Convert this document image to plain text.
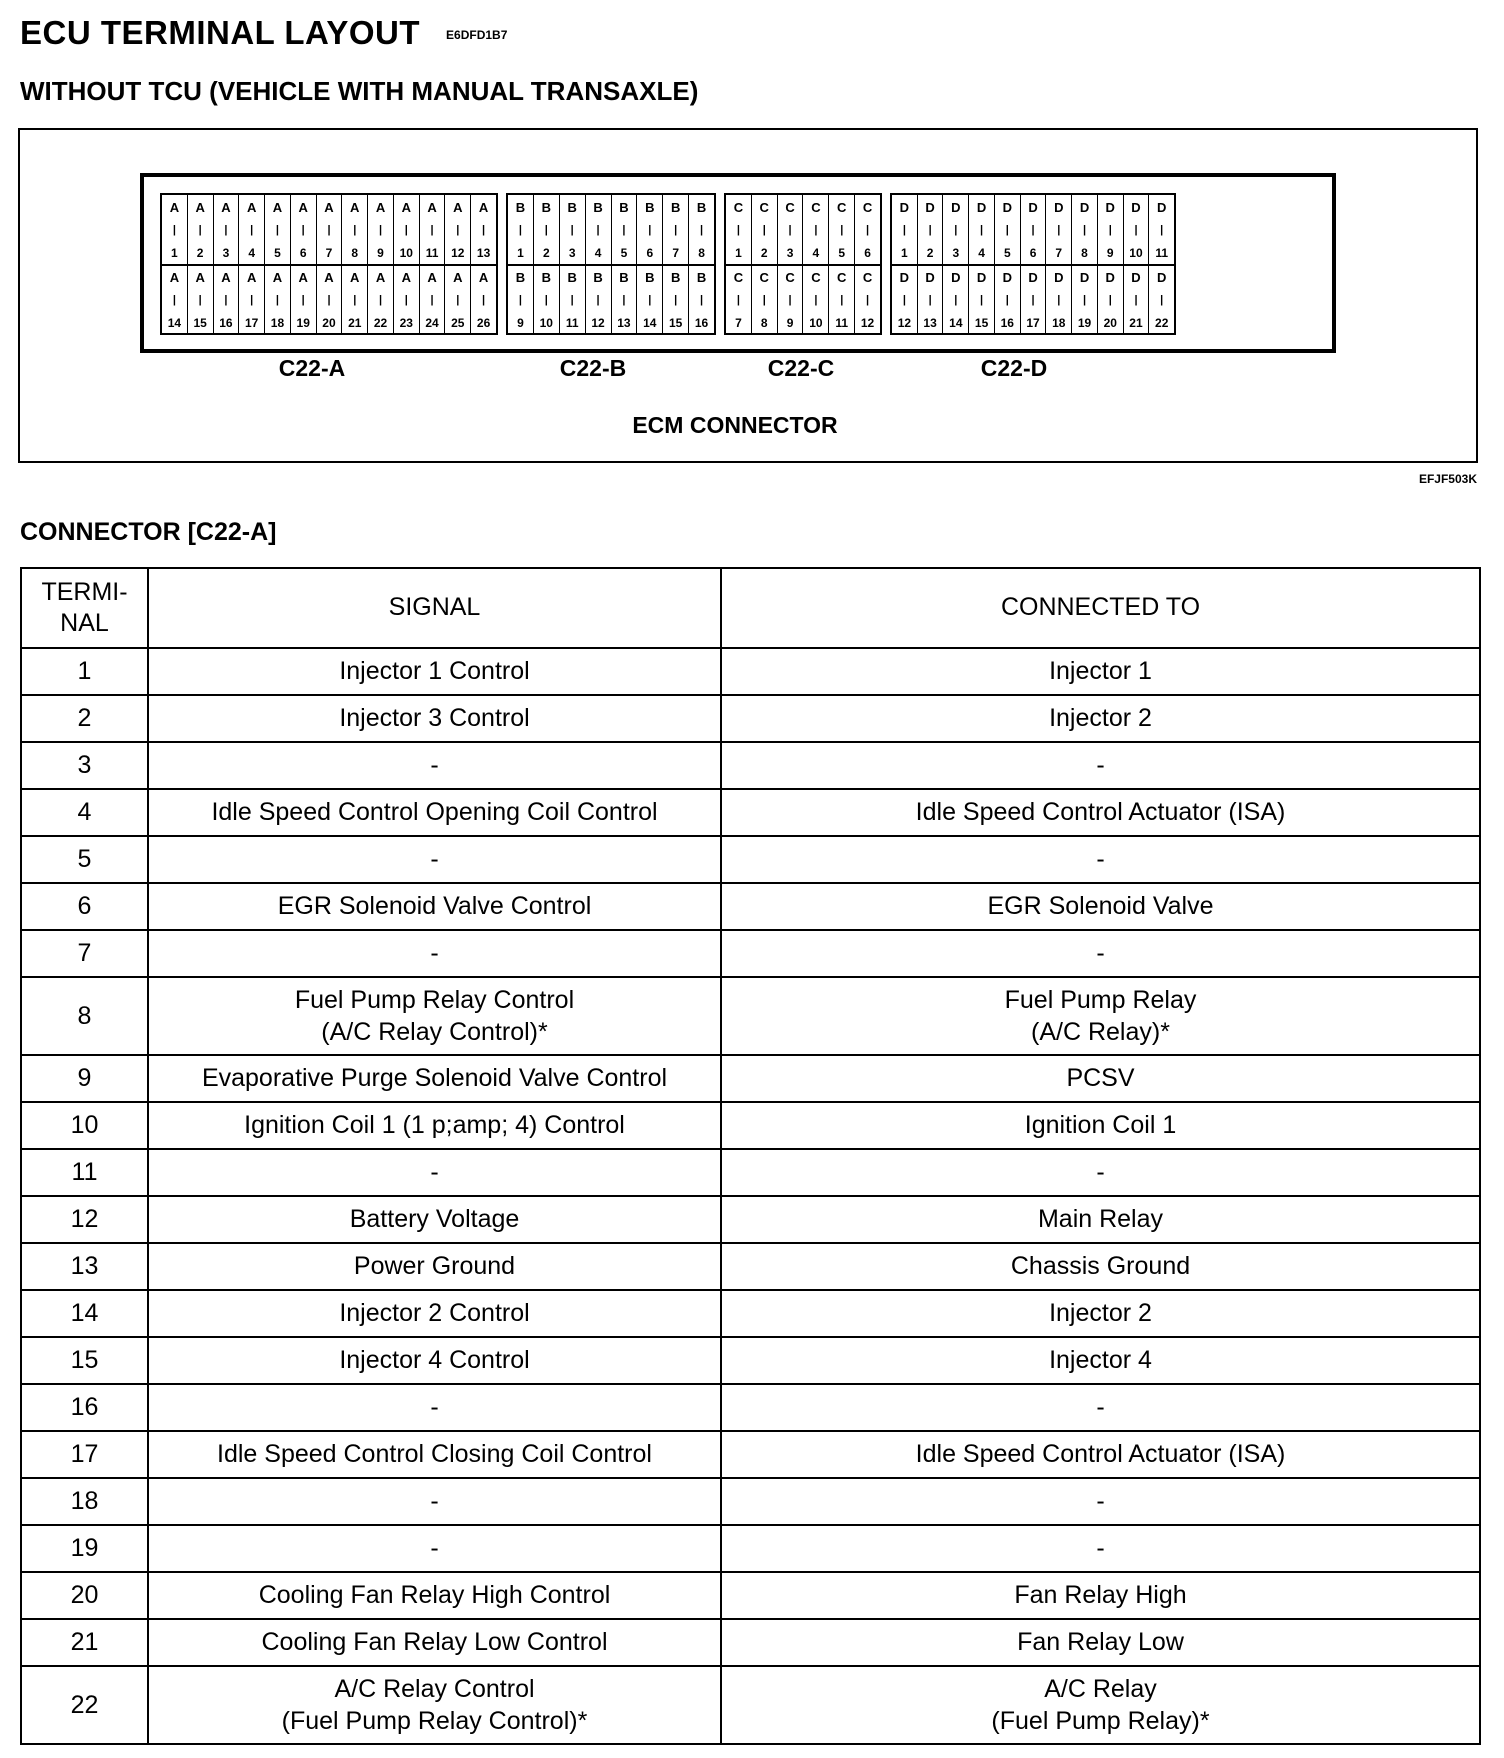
ECU TERMINAL LAYOUT E6DFD1B7
WITHOUT TCU (VEHICLE WITH MANUAL TRANSAXLE)
A
|
1
A
|
2
A
|
3
A
|
4
A
|
5
A
|
6
A
|
7
A
|
8
A
|
9
A
|
10
A
|
11
A
|
12
A
|
13
A
|
14
A
|
15
A
|
16
A
|
17
A
|
18
A
|
19
A
|
20
A
|
21
A
|
22
A
|
23
A
|
24
A
|
25
A
|
26
B
|
1
B
|
2
B
|
3
B
|
4
B
|
5
B
|
6
B
|
7
B
|
8
B
|
9
B
|
10
B
|
11
B
|
12
B
|
13
B
|
14
B
|
15
B
|
16
C
|
1
C
|
2
C
|
3
C
|
4
C
|
5
C
|
6
C
|
7
C
|
8
C
|
9
C
|
10
C
|
11
C
|
12
D
|
1
D
|
2
D
|
3
D
|
4
D
|
5
D
|
6
D
|
7
D
|
8
D
|
9
D
|
10
D
|
11
D
|
12
D
|
13
D
|
14
D
|
15
D
|
16
D
|
17
D
|
18
D
|
19
D
|
20
D
|
21
D
|
22
C22-A	C22-B	C22-C	C22-D
ECM CONNECTOR
EFJF503K
CONNECTOR [C22-A]
TERMI-
NAL	SIGNAL	CONNECTED TO
1	Injector 1 Control	Injector 1

2	Injector 3 Control	Injector 2

3	-	-

4	Idle Speed Control Opening Coil Control	Idle Speed Control Actuator (ISA)

5	-	-

6	EGR Solenoid Valve Control	EGR Solenoid Valve

7	-	-

8	Fuel Pump Relay Control
(A/C Relay Control)*	Fuel Pump Relay
(A/C Relay)*

9	Evaporative Purge Solenoid Valve Control	PCSV

10	Ignition Coil 1 (1 p;amp; 4) Control	Ignition Coil 1

11	-	-

12	Battery Voltage	Main Relay

13	Power Ground	Chassis Ground

14	Injector 2 Control	Injector 2

15	Injector 4 Control	Injector 4

16	-	-

17	Idle Speed Control Closing Coil Control	Idle Speed Control Actuator (ISA)

18	-	-

19	-	-

20	Cooling Fan Relay High Control	Fan Relay High

21	Cooling Fan Relay Low Control	Fan Relay Low

22	A/C Relay Control
(Fuel Pump Relay Control)*	A/C Relay
(Fuel Pump Relay)*
